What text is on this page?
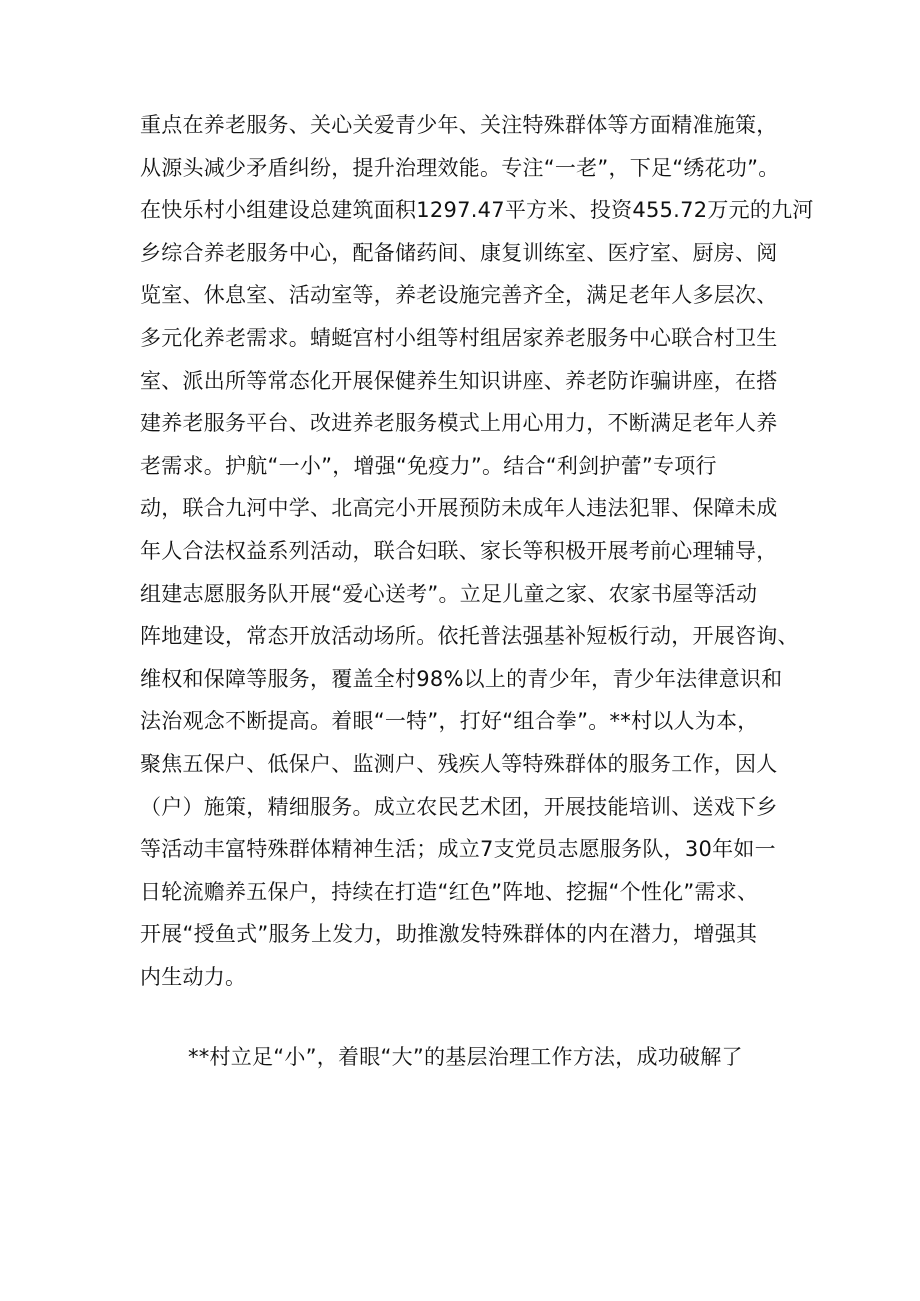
重点在养老服务、关心关爱青少年、关注特殊群体等方面精准施策，
从源头减少矛盾纠纷，提升治理效能。专注“一老”，下足“绣花功”。
在快乐村小组建设总建筑面积1297.47平方米、投资455.72万元的九河
乡综合养老服务中心，配备储药间、康复训练室、医疗室、厨房、阅
览室、休息室、活动室等，养老设施完善齐全，满足老年人多层次、
多元化养老需求。蜻蜓宫村小组等村组居家养老服务中心联合村卫生
室、派出所等常态化开展保健养生知识讲座、养老防诈骗讲座，在搭
建养老服务平台、改进养老服务模式上用心用力，不断满足老年人养
老需求。护航“一小”，增强“免疫力”。结合“利剑护蕾”专项行
动，联合九河中学、北高完小开展预防未成年人违法犯罪、保障未成
年人合法权益系列活动，联合妇联、家长等积极开展考前心理辅导，
组建志愿服务队开展“爱心送考”。立足儿童之家、农家书屋等活动
阵地建设，常态开放活动场所。依托普法强基补短板行动，开展咨询、
维权和保障等服务，覆盖全村98%以上的青少年，青少年法律意识和
法治观念不断提高。着眼“一特”，打好“组合拳”。**村以人为本，
聚焦五保户、低保户、监测户、残疾人等特殊群体的服务工作，因人
（户）施策，精细服务。成立农民艺术团，开展技能培训、送戏下乡
等活动丰富特殊群体精神生活；成立7支党员志愿服务队，30年如一
日轮流赡养五保户，持续在打造“红色”阵地、挖掘“个性化”需求、
开展“授鱼式”服务上发力，助推激发特殊群体的内在潜力，增强其
内生动力。
**村立足“小”，着眼“大”的基层治理工作方法，成功破解了
